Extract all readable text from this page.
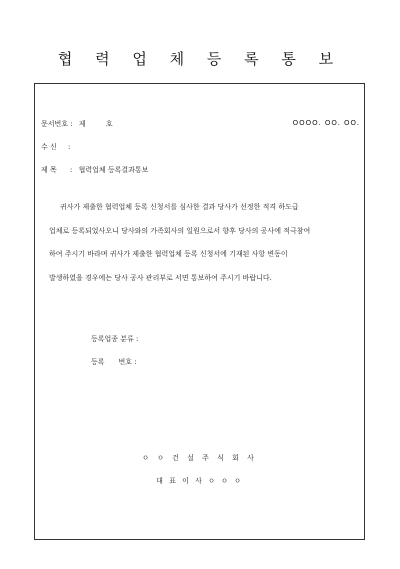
협 력 업 체 등 록 통 보
문서번호 : 제	호	OOOO. OO. OO.
수 신 :
제 목 : 협력업체 등록결과통보
귀사가 제출한 협력업체 등록 신청서를 심사한 결과 당사가 선정한 적격 하도급
업체로 등록되었사오니 당사와의 가족회사의 일원으로서 향후 당사의 공사에 적극참여
하여 주시기 바라며 귀사가 제출한 협력업체 등록 신청서에 기재된 사항 변동이
발생하였을 경우에는 당사 공사 관리부로 서면 통보하여 주시기 바랍니다.
등록업종 분류 :
등록 번호 :
ㅇ ㅇ 건 설 주 식 회 사
대 표 이 사 ㅇ ㅇ ㅇ
